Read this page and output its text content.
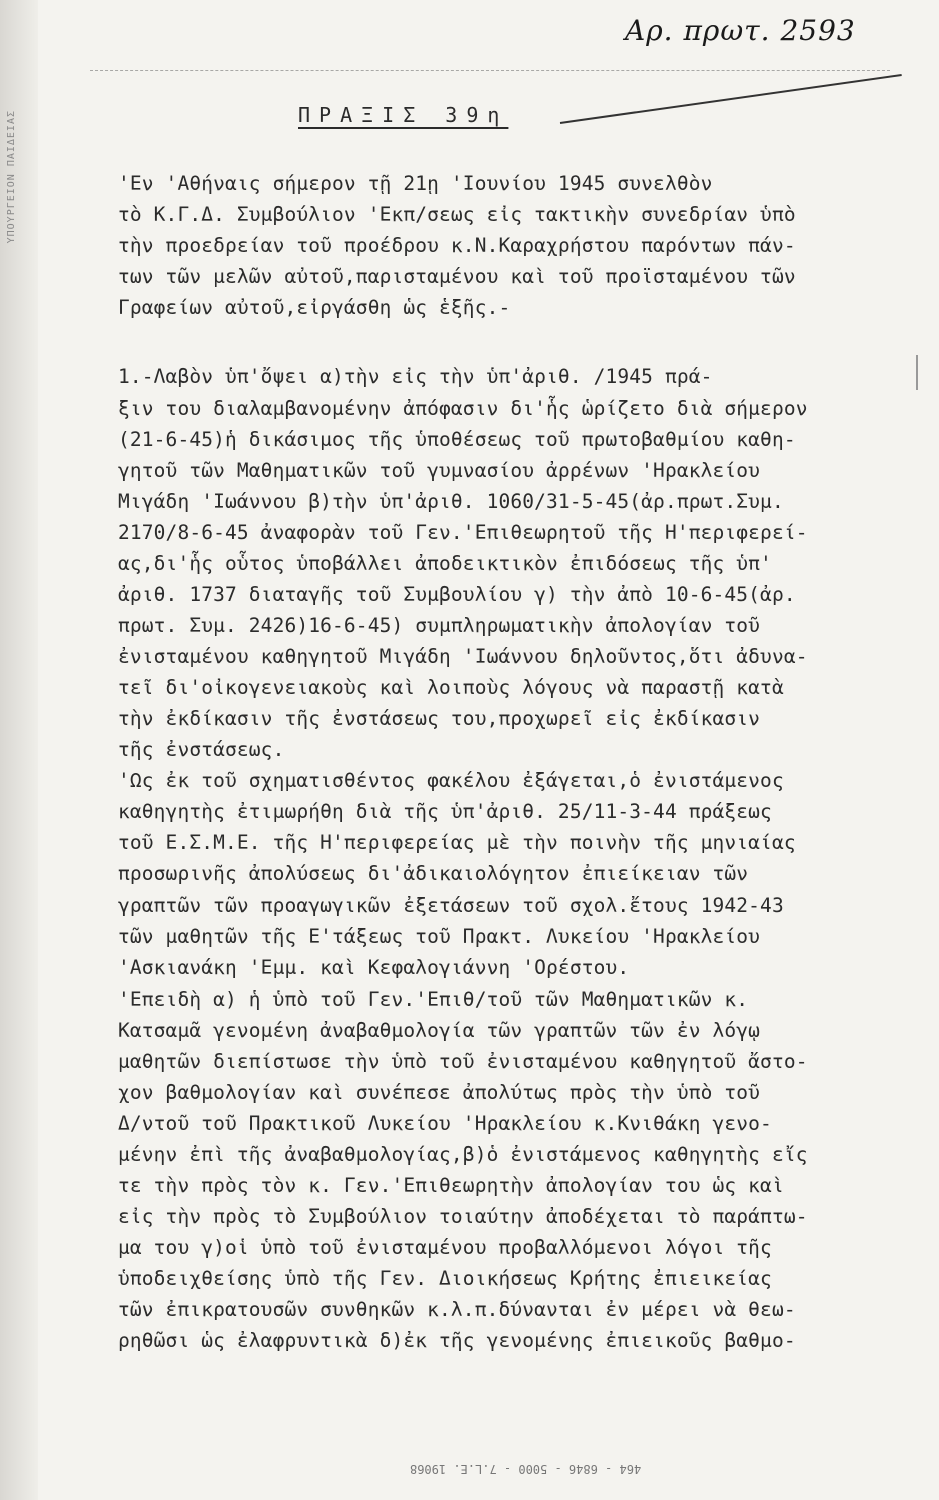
ΥΠΟΥΡΓΕΙΟΝ ΠΑΙΔΕΙΑΣ
Αρ. πρωτ. 2593
ΠΡΑΞΙΣ 39η
'Εν 'Αθήναις σήμερον τῇ 21ῃ 'Ιουνίου 1945 συνελθὸν
τὸ Κ.Γ.Δ. Συμβούλιον 'Εκπ/σεως εἰς τακτικὴν συνεδρίαν ὑπὸ
τὴν προεδρείαν τοῦ προέδρου κ.Ν.Καραχρήστου παρόντων πάν-
των τῶν μελῶν αὐτοῦ,παρισταμένου καὶ τοῦ προϊσταμένου τῶν
Γραφείων αὐτοῦ,εἰργάσθη ὡς ἑξῆς.-
1.-Λαβὸν ὑπ'ὄψει α)τὴν εἰς τὴν ὑπ'ἀριθ. /1945 πρά-
ξιν του διαλαμβανομένην ἀπόφασιν δι'ἧς ὡρίζετο διὰ σήμερον
(21-6-45)ἡ δικάσιμος τῆς ὑποθέσεως τοῦ πρωτοβαθμίου καθη-
γητοῦ τῶν Μαθηματικῶν τοῦ γυμνασίου ἀρρένων 'Ηρακλείου
Μιγάδη 'Ιωάννου β)τὴν ὑπ'ἀριθ. 1060/31-5-45(ἀρ.πρωτ.Συμ.
2170/8-6-45 ἀναφορὰν τοῦ Γεν.'Επιθεωρητοῦ τῆς Η'περιφερεί-
ας,δι'ἧς οὗτος ὑποβάλλει ἀποδεικτικὸν ἐπιδόσεως τῆς ὑπ'
ἀριθ. 1737 διαταγῆς τοῦ Συμβουλίου γ) τὴν ἀπὸ 10-6-45(ἀρ.
πρωτ. Συμ. 2426)16-6-45) συμπληρωματικὴν ἀπολογίαν τοῦ
ἐνισταμένου καθηγητοῦ Μιγάδη 'Ιωάννου δηλοῦντος,ὅτι ἀδυνα-
τεῖ δι'οἰκογενειακοὺς καὶ λοιποὺς λόγους νὰ παραστῇ κατὰ
τὴν ἐκδίκασιν τῆς ἐνστάσεως του,προχωρεῖ εἰς ἐκδίκασιν
τῆς ἐνστάσεως.
'Ως ἐκ τοῦ σχηματισθέντος φακέλου ἐξάγεται,ὁ ἐνιστάμενος
καθηγητὴς ἐτιμωρήθη διὰ τῆς ὑπ'ἀριθ. 25/11-3-44 πράξεως
τοῦ Ε.Σ.Μ.Ε. τῆς Η'περιφερείας μὲ τὴν ποινὴν τῆς μηνιαίας
προσωρινῆς ἀπολύσεως δι'ἀδικαιολόγητον ἐπιείκειαν τῶν
γραπτῶν τῶν προαγωγικῶν ἐξετάσεων τοῦ σχολ.ἔτους 1942-43
τῶν μαθητῶν τῆς Ε'τάξεως τοῦ Πρακτ. Λυκείου 'Ηρακλείου
'Ασκιανάκη 'Εμμ. καὶ Κεφαλογιάννη 'Ορέστου.
'Επειδὴ α) ἡ ὑπὸ τοῦ Γεν.'Επιθ/τοῦ τῶν Μαθηματικῶν κ.
Κατσαμᾶ γενομένη ἀναβαθμολογία τῶν γραπτῶν τῶν ἐν λόγῳ
μαθητῶν διεπίστωσε τὴν ὑπὸ τοῦ ἐνισταμένου καθηγητοῦ ἄστο-
χον βαθμολογίαν καὶ συνέπεσε ἀπολύτως πρὸς τὴν ὑπὸ τοῦ
Δ/ντοῦ τοῦ Πρακτικοῦ Λυκείου 'Ηρακλείου κ.Κνιθάκη γενο-
μένην ἐπὶ τῆς ἀναβαθμολογίας,β)ὁ ἐνιστάμενος καθηγητὴς εἴς
τε τὴν πρὸς τὸν κ. Γεν.'Επιθεωρητὴν ἀπολογίαν του ὡς καὶ
εἰς τὴν πρὸς τὸ Συμβούλιον τοιαύτην ἀποδέχεται τὸ παράπτω-
μα του γ)οἱ ὑπὸ τοῦ ἐνισταμένου προβαλλόμενοι λόγοι τῆς
ὑποδειχθείσης ὑπὸ τῆς Γεν. Διοικήσεως Κρήτης ἐπιεικείας
τῶν ἐπικρατουσῶν συνθηκῶν κ.λ.π.δύνανται ἐν μέρει νὰ θεω-
ρηθῶσι ὡς ἐλαφρυντικὰ δ)ἐκ τῆς γενομένης ἐπιεικοῦς βαθμο-
464 - 6846 - 5000 - 7.L.E. 19068
